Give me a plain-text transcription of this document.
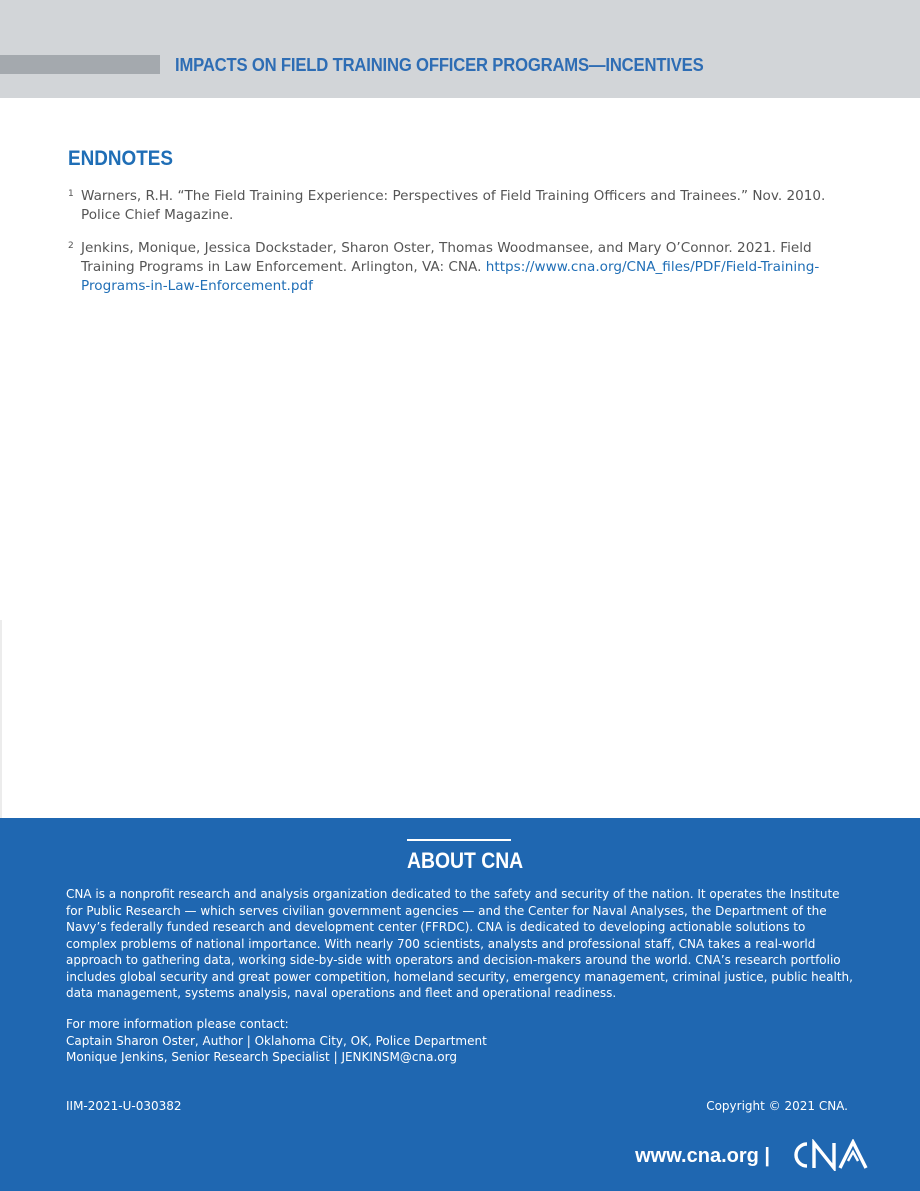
IMPACTS ON FIELD TRAINING OFFICER PROGRAMS—INCENTIVES
ENDNOTES
1 Warners, R.H. “The Field Training Experience: Perspectives of Field Training Officers and Trainees.” Nov. 2010. Police Chief Magazine.
2 Jenkins, Monique, Jessica Dockstader, Sharon Oster, Thomas Woodmansee, and Mary O’Connor. 2021. Field Training Programs in Law Enforcement. Arlington, VA: CNA. https://www.cna.org/CNA_files/PDF/Field-Training-Programs-in-Law-Enforcement.pdf
ABOUT CNA
CNA is a nonprofit research and analysis organization dedicated to the safety and security of the nation. It operates the Institute for Public Research — which serves civilian government agencies — and the Center for Naval Analyses, the Department of the Navy’s federally funded research and development center (FFRDC). CNA is dedicated to developing actionable solutions to complex problems of national importance. With nearly 700 scientists, analysts and professional staff, CNA takes a real-world approach to gathering data, working side-by-side with operators and decision-makers around the world. CNA’s research portfolio includes global security and great power competition, homeland security, emergency management, criminal justice, public health, data management, systems analysis, naval operations and fleet and operational readiness.
For more information please contact:
Captain Sharon Oster, Author | Oklahoma City, OK, Police Department
Monique Jenkins, Senior Research Specialist | JENKINSM@cna.org
IIM-2021-U-030382	Copyright © 2021 CNA.
www.cna.org |
